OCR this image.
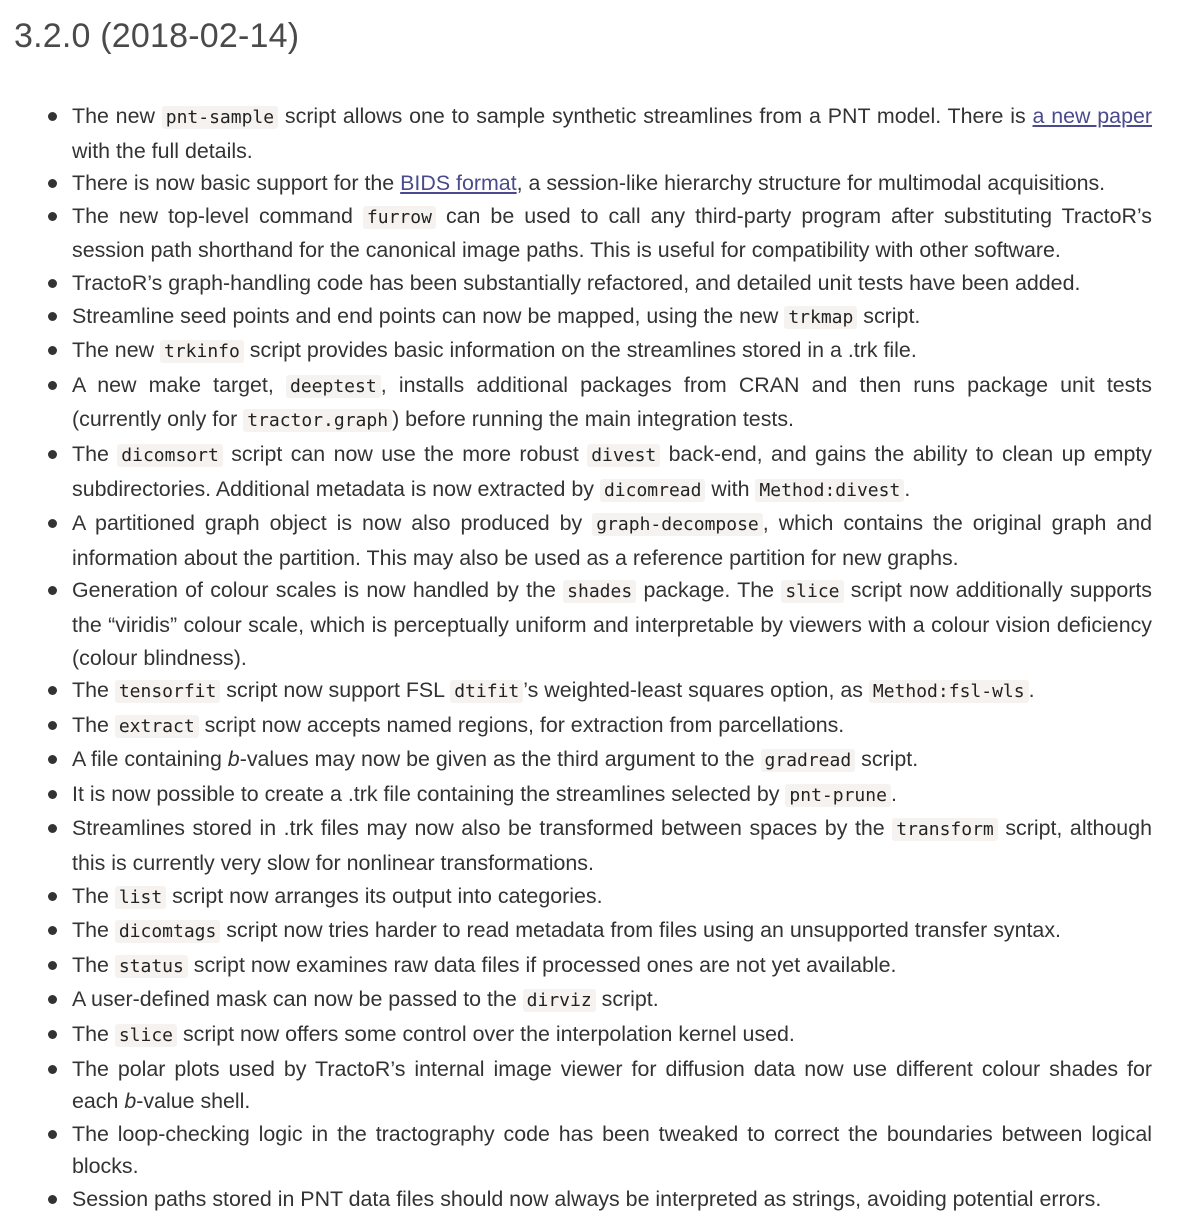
3.2.0 (2018-02-14)
The new pnt-sample script allows one to sample synthetic streamlines from a PNT model. There is a new paper with the full details.
There is now basic support for the BIDS format, a session-like hierarchy structure for multimodal acquisitions.
The new top-level command furrow can be used to call any third-party program after substituting TractoR’s session path shorthand for the canonical image paths. This is useful for compatibility with other software.
TractoR’s graph-handling code has been substantially refactored, and detailed unit tests have been added.
Streamline seed points and end points can now be mapped, using the new trkmap script.
The new trkinfo script provides basic information on the streamlines stored in a .trk file.
A new make target, deeptest , installs additional packages from CRAN and then runs package unit tests (currently only for tractor.graph ) before running the main integration tests.
The dicomsort script can now use the more robust divest back-end, and gains the ability to clean up empty subdirectories. Additional metadata is now extracted by dicomread with Method:divest .
A partitioned graph object is now also produced by graph-decompose , which contains the original graph and information about the partition. This may also be used as a reference partition for new graphs.
Generation of colour scales is now handled by the shades package. The slice script now additionally supports the “viridis” colour scale, which is perceptually uniform and interpretable by viewers with a colour vision deficiency (colour blindness).
The tensorfit script now support FSL dtifit ’s weighted-least squares option, as Method:fsl-wls .
The extract script now accepts named regions, for extraction from parcellations.
A file containing b-values may now be given as the third argument to the gradread script.
It is now possible to create a .trk file containing the streamlines selected by pnt-prune .
Streamlines stored in .trk files may now also be transformed between spaces by the transform script, although this is currently very slow for nonlinear transformations.
The list script now arranges its output into categories.
The dicomtags script now tries harder to read metadata from files using an unsupported transfer syntax.
The status script now examines raw data files if processed ones are not yet available.
A user-defined mask can now be passed to the dirviz script.
The slice script now offers some control over the interpolation kernel used.
The polar plots used by TractoR’s internal image viewer for diffusion data now use different colour shades for each b-value shell.
The loop-checking logic in the tractography code has been tweaked to correct the boundaries between logical blocks.
Session paths stored in PNT data files should now always be interpreted as strings, avoiding potential errors.
